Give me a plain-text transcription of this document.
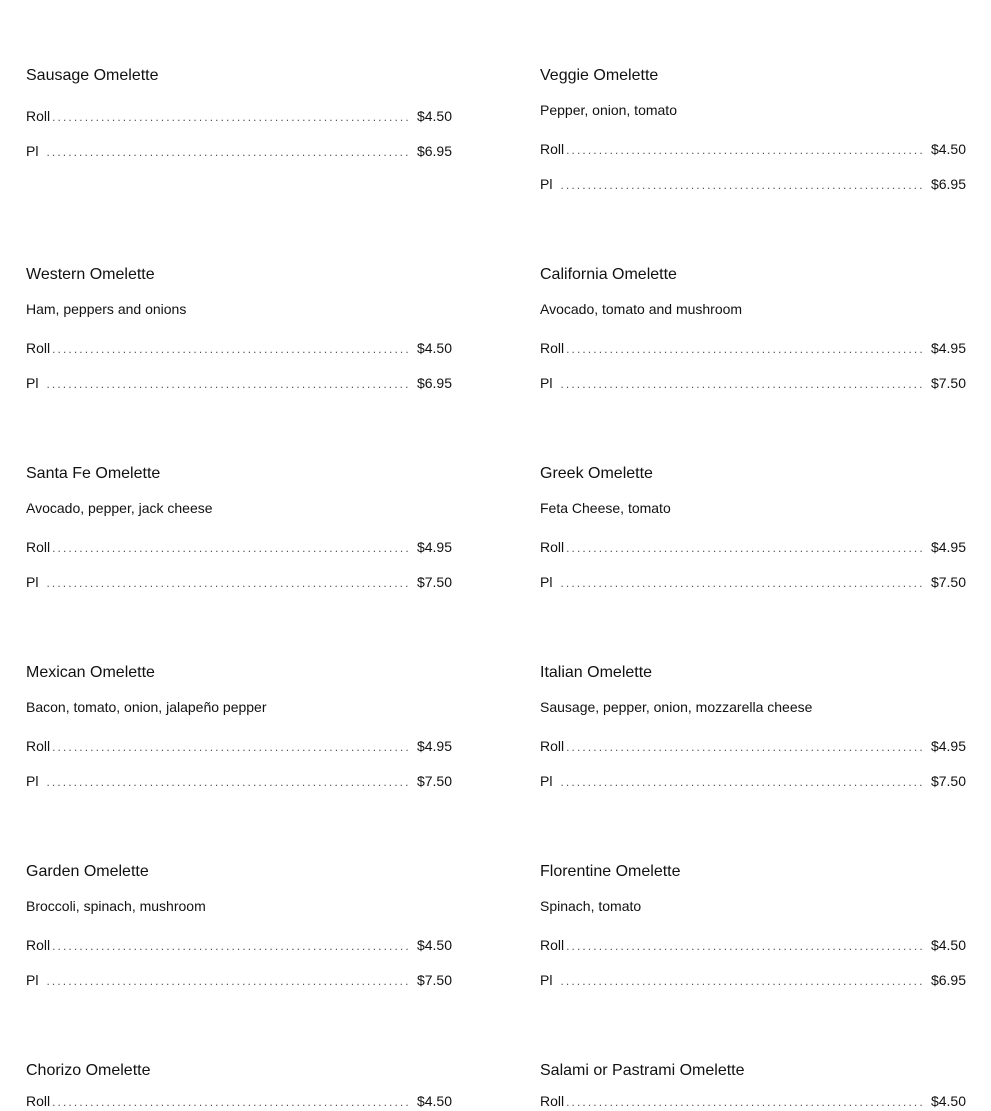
Sausage Omelette
Roll .....	$4.50
Pl .....	$6.95
Veggie Omelette
Pepper, onion, tomato
Roll .....	$4.50
Pl .....	$6.95
Western Omelette
Ham, peppers and onions
Roll .....	$4.50
Pl .....	$6.95
California Omelette
Avocado, tomato and mushroom
Roll .....	$4.95
Pl .....	$7.50
Santa Fe Omelette
Avocado, pepper, jack cheese
Roll .....	$4.95
Pl .....	$7.50
Greek Omelette
Feta Cheese, tomato
Roll .....	$4.95
Pl .....	$7.50
Mexican Omelette
Bacon, tomato, onion, jalapeño pepper
Roll .....	$4.95
Pl .....	$7.50
Italian Omelette
Sausage, pepper, onion, mozzarella cheese
Roll .....	$4.95
Pl .....	$7.50
Garden Omelette
Broccoli, spinach, mushroom
Roll .....	$4.50
Pl .....	$7.50
Florentine Omelette
Spinach, tomato
Roll .....	$4.50
Pl .....	$6.95
Chorizo Omelette
Roll .....	$4.50
Salami or Pastrami Omelette
Roll .....	$4.50
